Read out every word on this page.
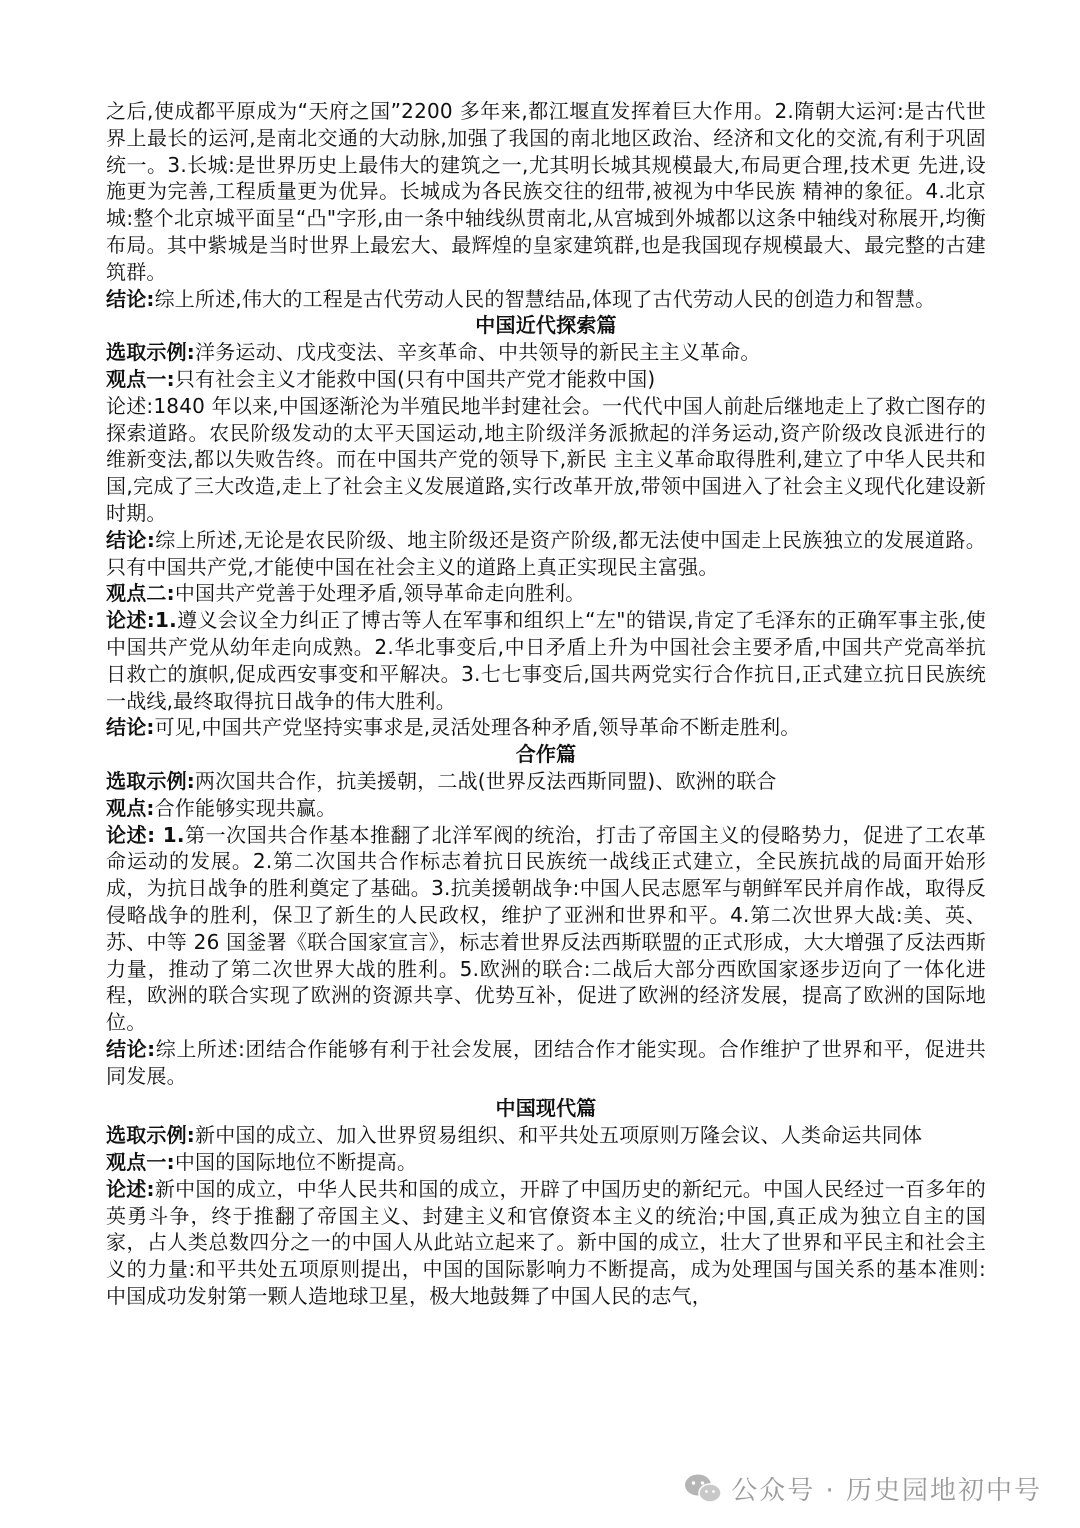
之后,使成都平原成为“天府之国”2200 多年来,都江堰直发挥着巨大作用。2.隋朝大运河:是古代世界上最长的运河,是南北交通的大动脉,加强了我国的南北地区政治、经济和文化的交流,有利于巩固统一。3.长城:是世界历史上最伟大的建筑之一,尤其明长城其规模最大,布局更合理,技术更 先进,设施更为完善,工程质量更为优异。长城成为各民族交往的纽带,被视为中华民族 精神的象征。4.北京城:整个北京城平面呈“凸"字形,由一条中轴线纵贯南北,从宫城到外城都以这条中轴线对称展开,均衡布局。其中紫城是当时世界上最宏大、最辉煌的皇家建筑群,也是我国现存规模最大、最完整的古建筑群。

结论:综上所述,伟大的工程是古代劳动人民的智慧结品,体现了古代劳动人民的创造力和智慧。

中国近代探索篇

选取示例:洋务运动、戊戌变法、辛亥革命、中共领导的新民主主义革命。

观点一:只有社会主义才能救中国(只有中国共产党才能救中国)

论述:1840 年以来,中国逐渐沦为半殖民地半封建社会。一代代中国人前赴后继地走上了救亡图存的探索道路。农民阶级发动的太平天国运动,地主阶级洋务派掀起的洋务运动,资产阶级改良派进行的维新变法,都以失败告终。而在中国共产党的领导下,新民 主主义革命取得胜利,建立了中华人民共和国,完成了三大改造,走上了社会主义发展道路,实行改革开放,带领中国进入了社会主义现代化建设新时期。

结论:综上所述,无论是农民阶级、地主阶级还是资产阶级,都无法使中国走上民族独立的发展道路。只有中国共产党,才能使中国在社会主义的道路上真正实现民主富强。

观点二:中国共产党善于处理矛盾,领导革命走向胜利。

论述:1.遵义会议全力纠正了博古等人在军事和组织上“左"的错误,肯定了毛泽东的正确军事主张,使中国共产党从幼年走向成熟。2.华北事变后,中日矛盾上升为中国社会主要矛盾,中国共产党高举抗日救亡的旗帜,促成西安事变和平解决。3.七七事变后,国共两党实行合作抗日,正式建立抗日民族统一战线,最终取得抗日战争的伟大胜利。

结论:可见,中国共产党坚持实事求是,灵活处理各种矛盾,领导革命不断走胜利。

合作篇

选取示例:两次国共合作，抗美援朝，二战(世界反法西斯同盟)、欧洲的联合

观点:合作能够实现共赢。

论述: 1.第一次国共合作基本推翻了北洋军阀的统治，打击了帝国主义的侵略势力，促进了工农革命运动的发展。2.第二次国共合作标志着抗日民族统一战线正式建立，全民族抗战的局面开始形成，为抗日战争的胜利奠定了基础。3.抗美援朝战争:中国人民志愿军与朝鲜军民并肩作战，取得反侵略战争的胜利，保卫了新生的人民政权，维护了亚洲和世界和平。4.第二次世界大战:美、英、苏、中等 26 国釜署《联合国家宣言》，标志着世界反法西斯联盟的正式形成，大大增强了反法西斯力量，推动了第二次世界大战的胜利。5.欧洲的联合:二战后大部分西欧国家逐步迈向了一体化进程，欧洲的联合实现了欧洲的资源共享、优势互补，促进了欧洲的经济发展，提高了欧洲的国际地位。

结论:综上所述:团结合作能够有利于社会发展，团结合作才能实现。合作维护了世界和平，促进共同发展。

中国现代篇

选取示例:新中国的成立、加入世界贸易组织、和平共处五项原则万隆会议、人类命运共同体

观点一:中国的国际地位不断提高。

论述:新中国的成立，中华人民共和国的成立，开辟了中国历史的新纪元。中国人民经过一百多年的英勇斗争，终于推翻了帝国主义、封建主义和官僚资本主义的统治;中国,真正成为独立自主的国家，占人类总数四分之一的中国人从此站立起来了。新中国的成立，壮大了世界和平民主和社会主义的力量:和平共处五项原则提出，中国的国际影响力不断提高，成为处理国与国关系的基本准则:中国成功发射第一颗人造地球卫星，极大地鼓舞了中国人民的志气，

公众号 · 历史园地初中号
